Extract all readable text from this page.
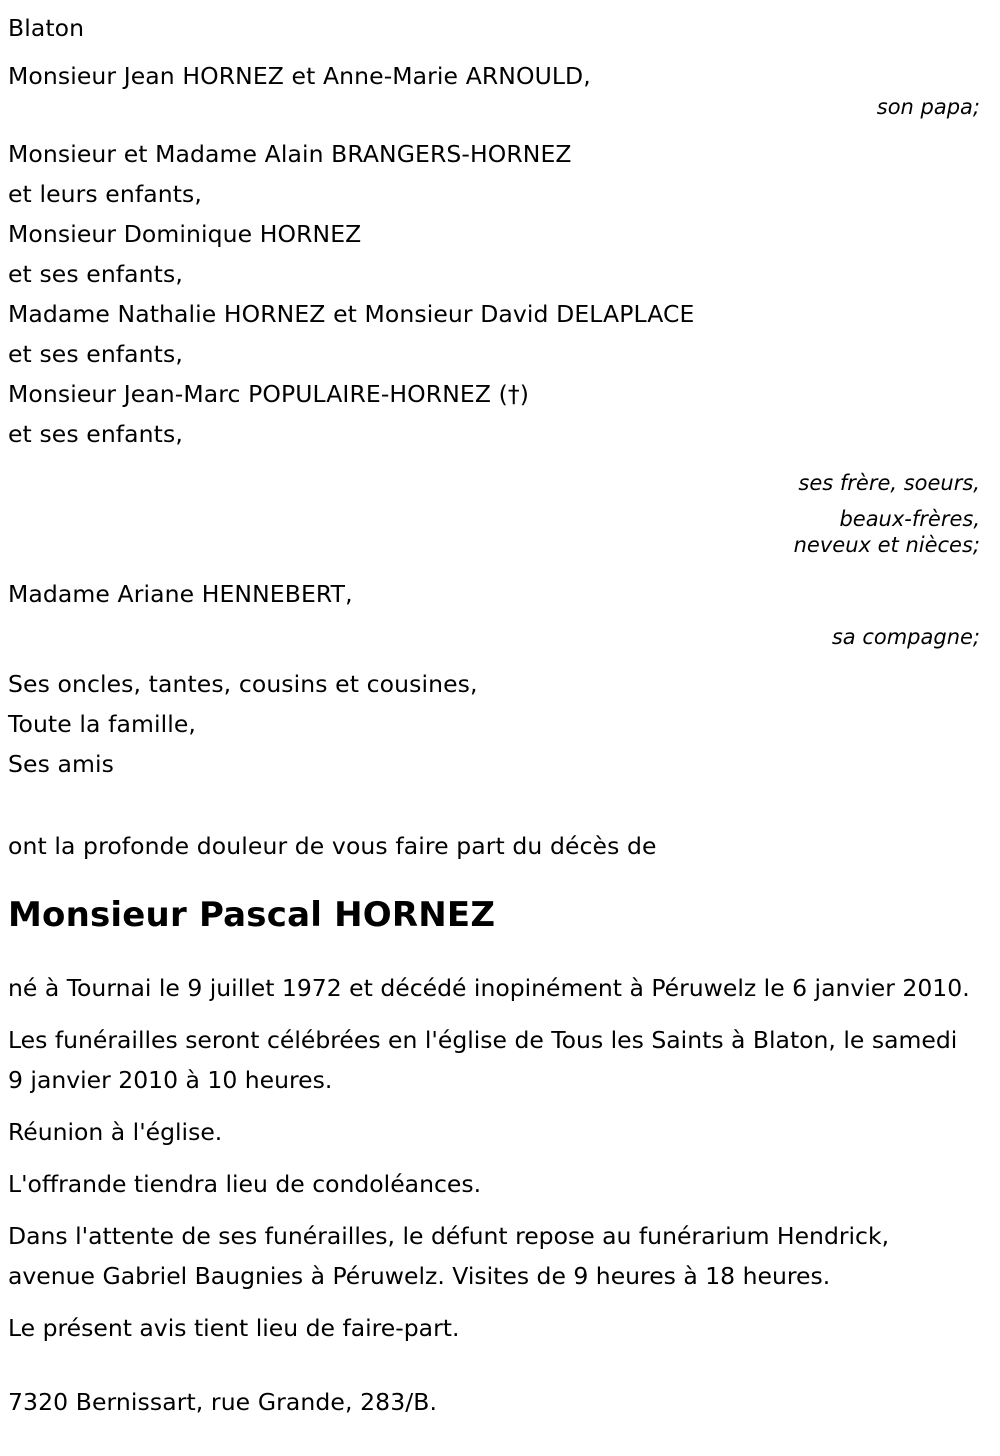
Blaton
Monsieur Jean HORNEZ et Anne-Marie ARNOULD,
son papa;
Monsieur et Madame Alain BRANGERS-HORNEZ
et leurs enfants,
Monsieur Dominique HORNEZ
et ses enfants,
Madame Nathalie HORNEZ et Monsieur David DELAPLACE
et ses enfants,
Monsieur Jean-Marc POPULAIRE-HORNEZ (†)
et ses enfants,
ses frère, soeurs,
beaux-frères,
neveux et nièces;
Madame Ariane HENNEBERT,
sa compagne;
Ses oncles, tantes, cousins et cousines,
Toute la famille,
Ses amis
ont la profonde douleur de vous faire part du décès de
Monsieur Pascal HORNEZ

né à Tournai le 9 juillet 1972 et décédé inopinément à Péruwelz le 6 janvier 2010.

Les funérailles seront célébrées en l'église de Tous les Saints à Blaton, le samedi 9 janvier 2010 à 10 heures.

Réunion à l'église.

L'offrande tiendra lieu de condoléances.

Dans l'attente de ses funérailles, le défunt repose au funérarium Hendrick, avenue Gabriel Baugnies à Péruwelz. Visites de 9 heures à 18 heures.

Le présent avis tient lieu de faire-part.

7320 Bernissart, rue Grande, 283/B.
